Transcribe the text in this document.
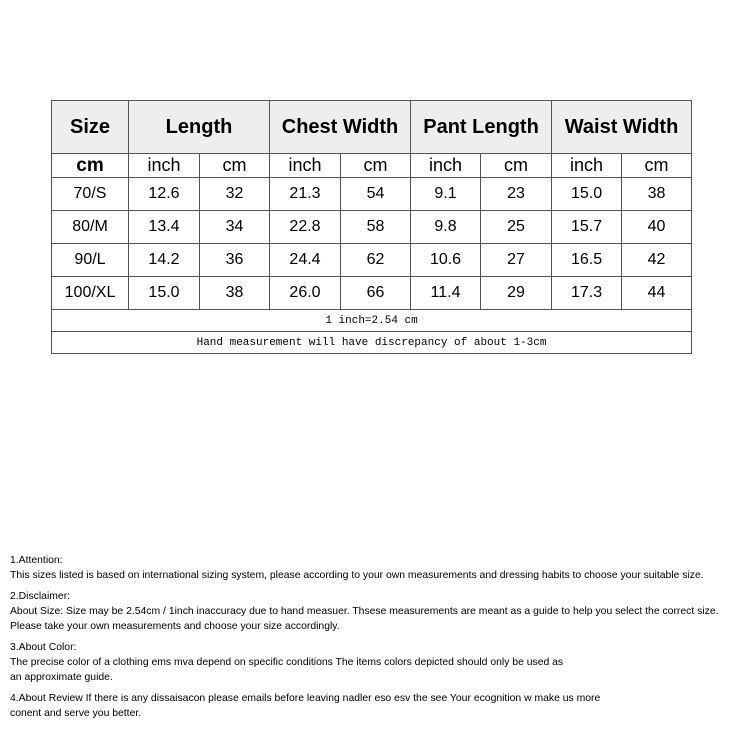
Size	Length		Chest Width		Pant Length		Waist Width	
cm	inch	cm	inch	cm	inch	cm	inch	cm
70/S	12.6	32	21.3	54	9.1	23	15.0	38
80/M	13.4	34	22.8	58	9.8	25	15.7	40
90/L	14.2	36	24.4	62	10.6	27	16.5	42
100/XL	15.0	38	26.0	66	11.4	29	17.3	44
1 inch=2.54 cm								
Hand measurement will have discrepancy of about 1-3cm								

1.Attention:

This sizes listed is based on international sizing system, please according to your own measurements and dressing habits to choose your suitable size.

2.Disclaimer:

About Size: Size may be 2.54cm / 1inch inaccuracy due to hand measuer. Thsese measurements are meant as a guide to help you select the correct size.

Please take your own measurements and choose your size accordingly.

3.About Color:

The precise color of a clothing ems mva depend on specific conditions The items colors depicted should only be used as

an approximate guide.

4.About Review If there is any dissaisacon please emails before leaving nadler eso esv the see Your ecognition w make us more

conent and serve you better.
